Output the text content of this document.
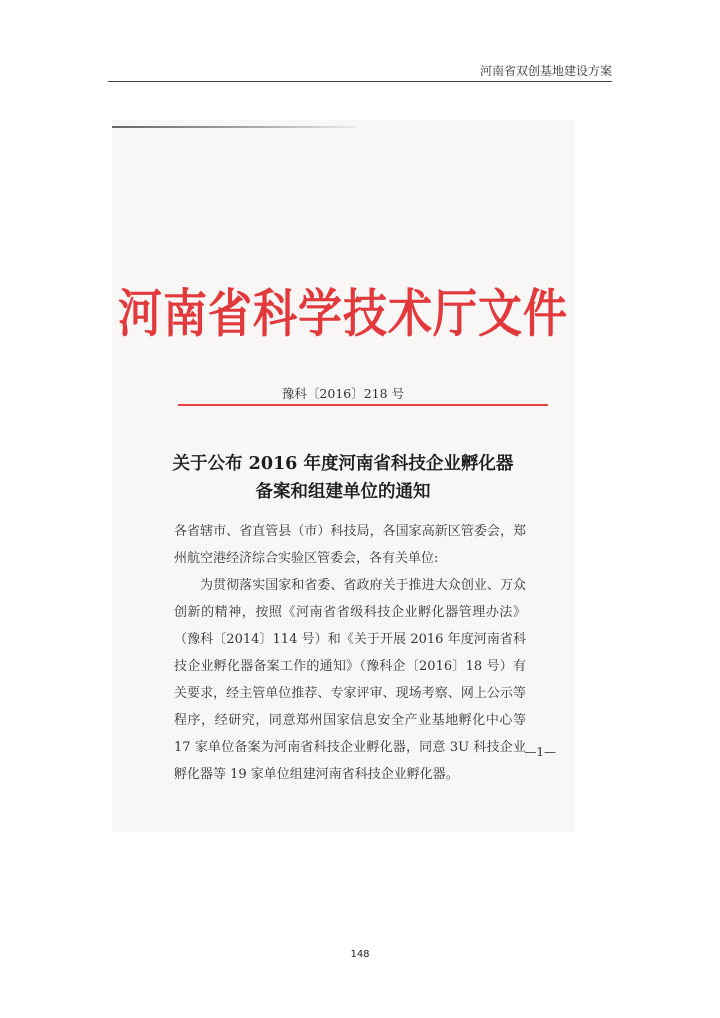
河南省双创基地建设方案
河南省科学技术厅文件
豫科〔2016〕218 号
关于公布 2016 年度河南省科技企业孵化器
备案和组建单位的通知

各省辖市、省直管县（市）科技局，各国家高新区管委会，郑州航空港经济综合实验区管委会，各有关单位:

为贯彻落实国家和省委、省政府关于推进大众创业、万众创新的精神，按照《河南省省级科技企业孵化器管理办法》（豫科〔2014〕114 号）和《关于开展 2016 年度河南省科技企业孵化器备案工作的通知》（豫科企〔2016〕18 号）有关要求，经主管单位推荐、专家评审、现场考察、网上公示等程序，经研究，同意郑州国家信息安全产业基地孵化中心等 17 家单位备案为河南省科技企业孵化器，同意 3U 科技企业孵化器等 19 家单位组建河南省科技企业孵化器。

—1—
148
